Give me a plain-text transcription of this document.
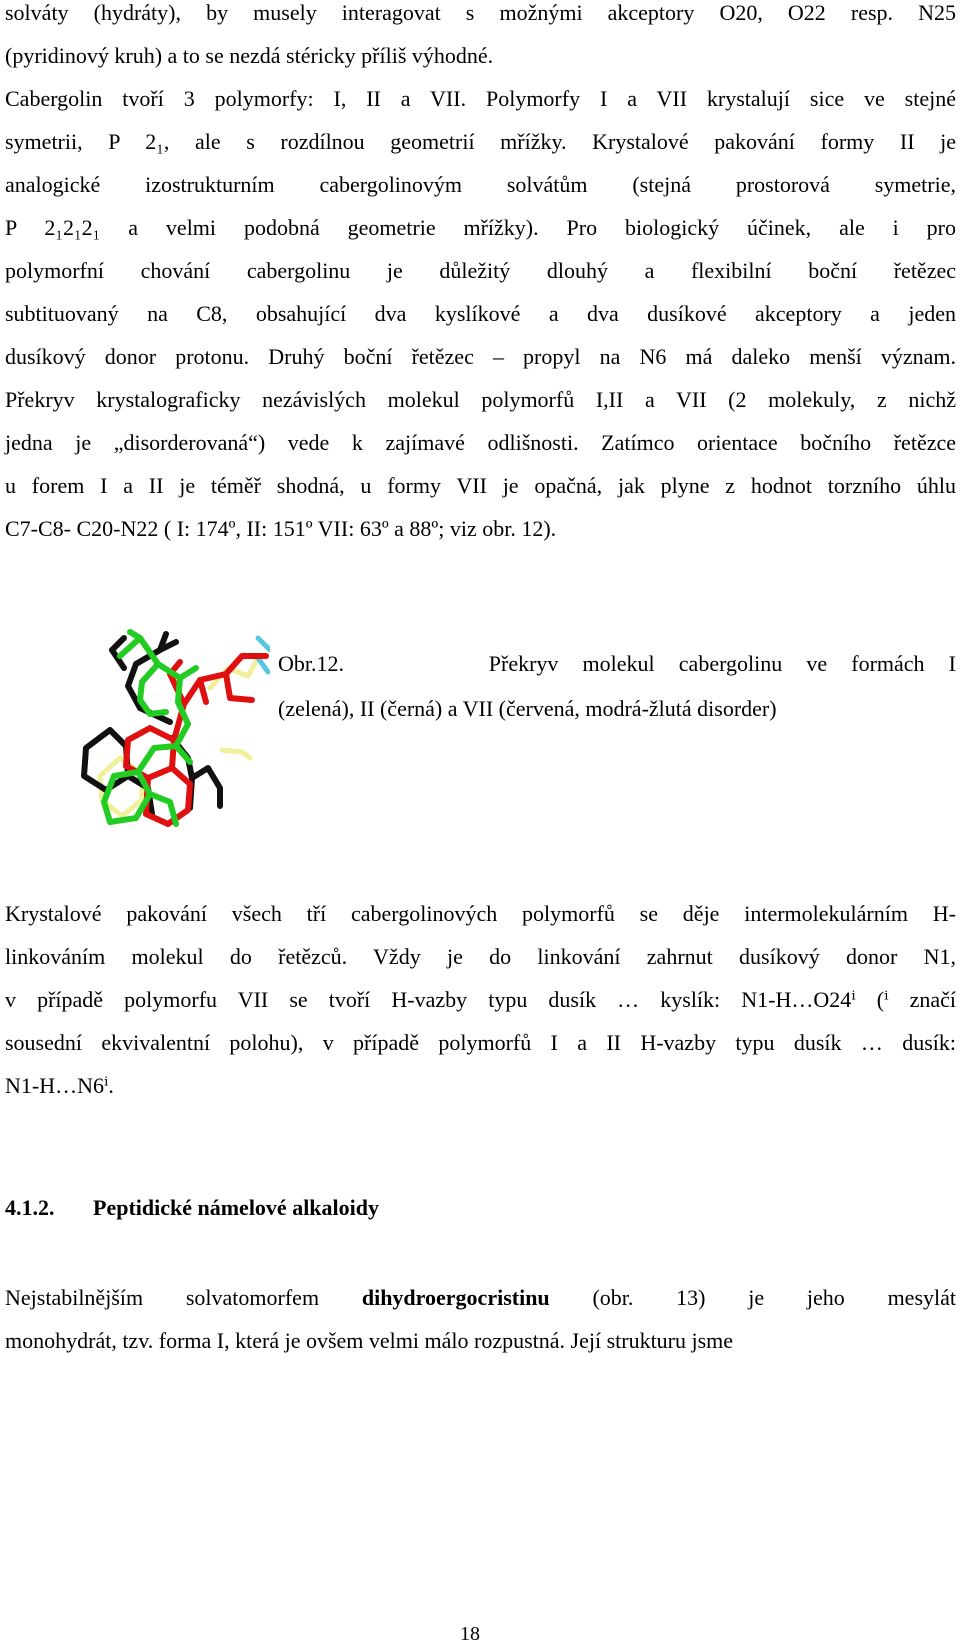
solváty (hydráty), by musely interagovat s možnými akceptory O20, O22 resp. N25
(pyridinový kruh) a to se nezdá stéricky příliš výhodné.
Cabergolin tvoří 3 polymorfy: I, II a VII. Polymorfy I a VII krystalují sice ve stejné
symetrii, P 2₁, ale s rozdílnou geometrií mřížky. Krystalové pakování formy II je
analogické izostrukturním cabergolinovým solvátům (stejná prostorová symetrie,
P 2₁2₁2₁ a velmi podobná geometrie mřížky). Pro biologický účinek, ale i pro
polymorfní chování cabergolinu je důležitý dlouhý a flexibilní boční řetězec
subtituovaný na C8, obsahující dva kyslíkové a dva dusíkové akceptory a jeden
dusíkový donor protonu. Druhý boční řetězec – propyl na N6 má daleko menší význam.
Překryv krystalograficky nezávislých molekul polymorfů I,II a VII (2 molekuly, z nichž
jedna je „disorderovaná“) vede k zajímavé odlišnosti. Zatímco orientace bočního řetězce
u forem I a II je téměř shodná, u formy VII je opačná, jak plyne z hodnot torzního úhlu
C7-C8- C20-N22 ( I: 174º, II: 151º VII: 63º a 88º; viz obr. 12).
Obr.12.	Překryv molekul cabergolinu ve formách I
(zelená), II (černá) a VII (červená, modrá-žlutá disorder)
Krystalové pakování všech tří cabergolinových polymorfů se děje intermolekulárním H-
linkováním molekul do řetězců. Vždy je do linkování zahrnut dusíkový donor N1,
v případě polymorfu VII se tvoří H-vazby typu dusík … kyslík: N1-H…O24ⁱ (ⁱ značí
sousední ekvivalentní polohu), v případě polymorfů I a II H-vazby typu dusík … dusík:
N1-H…N6ⁱ.
4.1.2. Peptidické námelové alkaloidy
Nejstabilnějším solvatomorfem dihydroergocristinu (obr. 13) je jeho mesylát
monohydrát, tzv. forma I, která je ovšem velmi málo rozpustná. Její strukturu jsme
18
